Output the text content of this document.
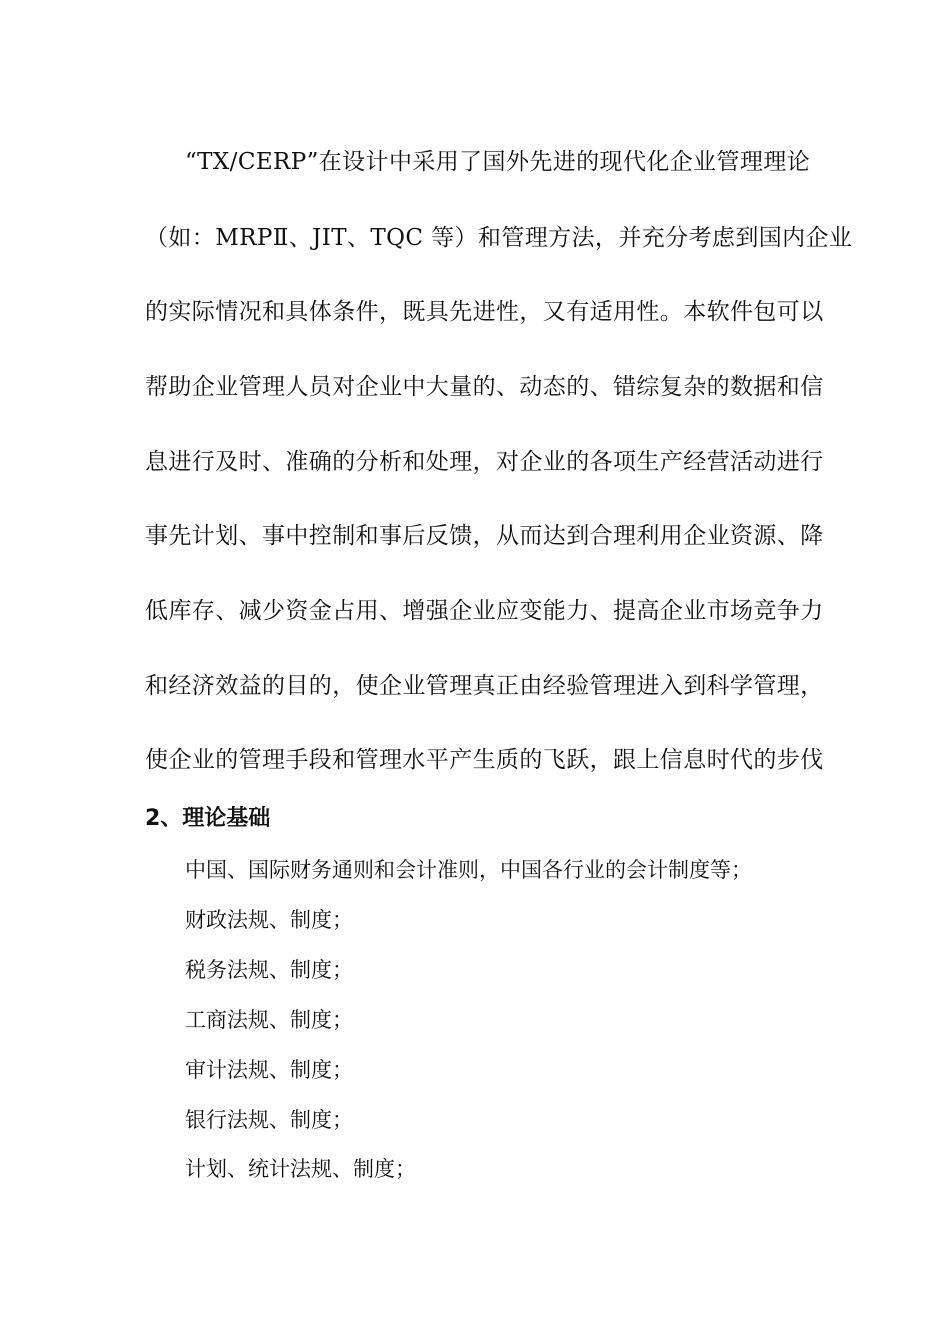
“TX/CERP”在设计中采用了国外先进的现代化企业管理理论
（如：MRPⅡ、JIT、TQC 等）和管理方法，并充分考虑到国内企业
的实际情况和具体条件，既具先进性，又有适用性。本软件包可以
帮助企业管理人员对企业中大量的、动态的、错综复杂的数据和信
息进行及时、准确的分析和处理，对企业的各项生产经营活动进行
事先计划、事中控制和事后反馈，从而达到合理利用企业资源、降
低库存、减少资金占用、增强企业应变能力、提高企业市场竞争力
和经济效益的目的，使企业管理真正由经验管理进入到科学管理，
使企业的管理手段和管理水平产生质的飞跃，跟上信息时代的步伐
2、理论基础
中国、国际财务通则和会计准则，中国各行业的会计制度等；
财政法规、制度；
税务法规、制度；
工商法规、制度；
审计法规、制度；
银行法规、制度；
计划、统计法规、制度；
